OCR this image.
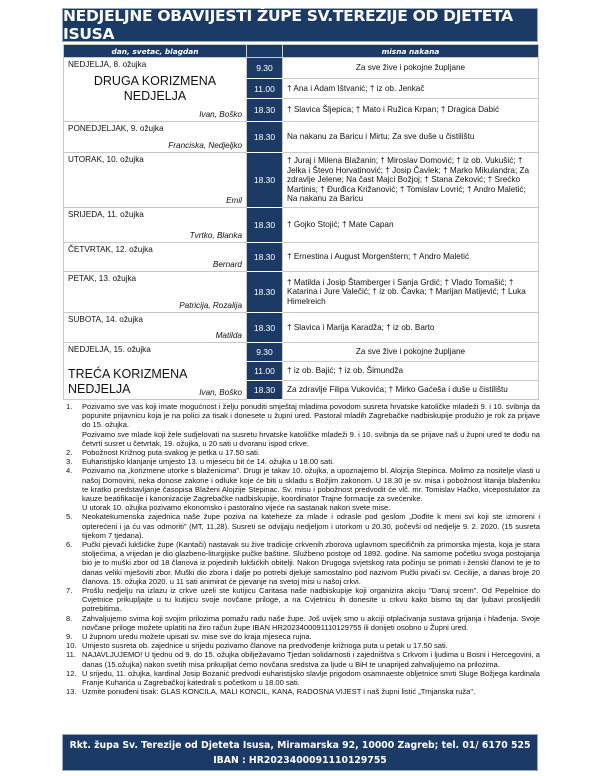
NEDJELJNE OBAVIJESTI ŽUPE SV.TEREZIJE OD DJETETA ISUSA
dan, svetac, blagdan		misna nakana

NEDJELJA, 8. ožujka
DRUGA KORIZMENA NEDJELJA
Ivan, Boško	9.30	Za sve žive i pokojne župljane
	11.00	† Ana i Adam Ištvanić; † iz ob. Jenkač
	18.30	† Slavica Šljepica; † Mato i Ružica Krpan; † Dragica Dabić

PONEDJELJAK, 9. ožujka
Franciska, Nedjeljko	18.30	Na nakanu za Baricu i Mirtu; Za sve duše u čistilištu

UTORAK, 10. ožujka
Emil	18.30	† Juraj i Milena Blažanin; † Miroslav Domović; † iz ob. Vukušić; † Jelka i Števo Horvatinović; † Josip Čavlek; † Marko Mikulandra; Za zdravlje Jelene; Na čast Majci Božjoj; † Stana Zeković; † Srećko Martinis; † Đurđica Križanović; † Tomislav Lovrić; † Andro Maletić; Na nakanu za Baricu

SRIJEDA, 11. ožujka
Tvrtko, Blanka	18.30	† Gojko Stojić; † Mate Capan

ČETVRTAK, 12. ožujka
Bernard	18.30	† Ernestina i August Morgenštern; † Andro Maletić

PETAK, 13. ožujka
Patricija, Rozalija	18.30	† Matilda i Josip Štamberger i Sanja Grdić; † Vlado Tomašić; † Katarina i Jure Valečić; † iz ob. Čavka; † Marijan Matijević; † Luka Himelreich

SUBOTA, 14. ožujka
Matilda	18.30	† Slavica i Marija Karadža; † iz ob. Barto

NEDJELJA, 15. ožujka
TREĆA KORIZMENA NEDJELJA Ivan, Boško	9.30	Za sve žive i pokojne župljane
	11.00	† iz ob. Bajić; † iz ob. Šimundža
	18.30	Za zdravlje Filipa Vukovića; † Mirko Gaćeša i duše u čistilištu
1.	Pozivamo sve vas koji imate mogućnost i želju ponuditi smještaj mladima povodom susreta hrvatske katoličke mladeži 9. i 10. svibnja da popunite prijavnicu koja je na polici za tisak i donesete u župni ured. Pastoral mladih Zagrebačke nadbiskupije produžio je rok za prijave do 15. ožujka.

Pozivamo sve mlade koji žele sudjelovati na susretu hrvatske katoličke mladeži 9. i 10. svibnja da se prijave naš u župni ured te dođu na četvrti susret u četvrtak, 19. ožujka, u 20 sati u dvoranu ispod crkve.

2.	Pobožnost Križnog puta svakog je petka u 17.50 sati.

3.	Euharistijsko klanjanje umjesto 13. u mjesecu bit će 14. ožujka u 18.00 sati.

4.	Pozivamo na „korizmene utorke s blaženicima". Drugi je takav 10. ožujka, a upoznajemo bl. Alojzija Stepinca. Molimo za nositelje vlasti u našoj Domovini, neka donose zakone i odluke koje će biti u skladu s Božjim zakonom. U 18.30 je sv. misa i pobožnost litanija blaženiku te kratko predstavljanje časopisa Blaženi Alojzije Stepinac. Sv. misu i pobožnost predvodit će vlč. mr. Tomislav Hačko, vicepostulator za kauze beatifikacije i kanonizacije Zagrebačke nadbiskupije, koordinator Trajne formacije za svećenike.

U utorak 10. ožujka pozivamo ekonomsko i pastoralno vijeće na sastanak nakon svete mise.

5.	Neokatekumenska zajednica naše župe poziva na kateheze za mlade i odrasle pod geslom „Dođite k meni svi koji ste izmoreni i opterećeni i ja ću vas odmoriti" (MT, 11,28). Susreti se odvijaju nedjeljom i utorkom u 20.30, počevši od nedjelje 9. 2. 2020. (15 susreta tijekom 7 tjedana).

6.	Pučki pjevači lukšićke župe (Kantači) nastavak su žive tradicije crkvenih zborova uglavnom specifičnih za primorska mjesta, koja je stara stoljećima, a vrijedan je dio glazbeno-liturgijske pučke baštine. Službeno postoje od 1892. godine. Na samome početku svoga postojanja bio je to muški zbor od 18 članova iz pojedinih lukšićkih obitelji. Nakon Drugoga svjetskog rata počinju se primati i ženski članovi te je to danas veliki mješoviti zbor. Muški dio zbora i dalje po potrebi djeluje samostalno pod nazivom Pučki pivači sv. Cecilije, a danas broje 20 članova. 15. ožujka 2020. u 11 sati animirat će pjevanje na svetoj misi u našoj crkvi.

7.	Prošlu nedjelju na izlazu iz crkve uzeli ste kutijicu Caritasa naše nadbiskupije koji organizira akciju "Daruj srcem". Od Pepelnice do Cvjetnice prikupljajte u tu kutijicu svoje novčane priloge, a na Cvjetnicu ih donesite u crkvu kako bismo taj dar ljubavi proslijedili potrebitima.

8.	Zahvaljujemo svima koji svojim prilozima pomažu radu naše župe. Još uvijek smo u akciji otplaćivanja sustava grijanja i hlađenja. Svoje novčane priloge možete uplatiti na žiro račun župe IBAN HR2023400091110129755 ili donijeti osobno u Župni ured.

9.	U župnom uredu možete upisati sv. mise sve do kraja mjeseca rujna.

10. Umjesto susreta ob. zajednice u srijedu pozivamo članove na predvođenje križnoga puta u petak u 17.50 sati.

11. NAJAVLJUJEMO! U tjednu od 9. do 15. ožujka obilježavamo Tjedan solidarnosti i zajedništva s Crkvom i ljudima u Bosni i Hercegovini, a danas (15.ožujka) nakon svetih misa prikupljat ćemo novčana sredstva za ljude u BiH te unaprijed zahvaljujemo na prilozima.

12. U srijedu, 11. ožujka, kardinal Josip Bozanić predvodi euharistijsko slavlje prigodom osamnaeste obljetnice smrti Sluge Božjega kardinala Franje Kuharića u Zagrebačkoj katedrali s početkom u 18.00 sati.

13. Uzmite ponuđeni tisak: GLAS KONCILA, MALI KONCIL, KANA, RADOSNA VIJEST i naš župni listić „Trnjanska ruža".

Rkt. župa Sv. Terezije od Djeteta Isusa, Miramarska 92, 10000 Zagreb; tel. 01/ 6170 525
IBAN : HR2023400091110129755
